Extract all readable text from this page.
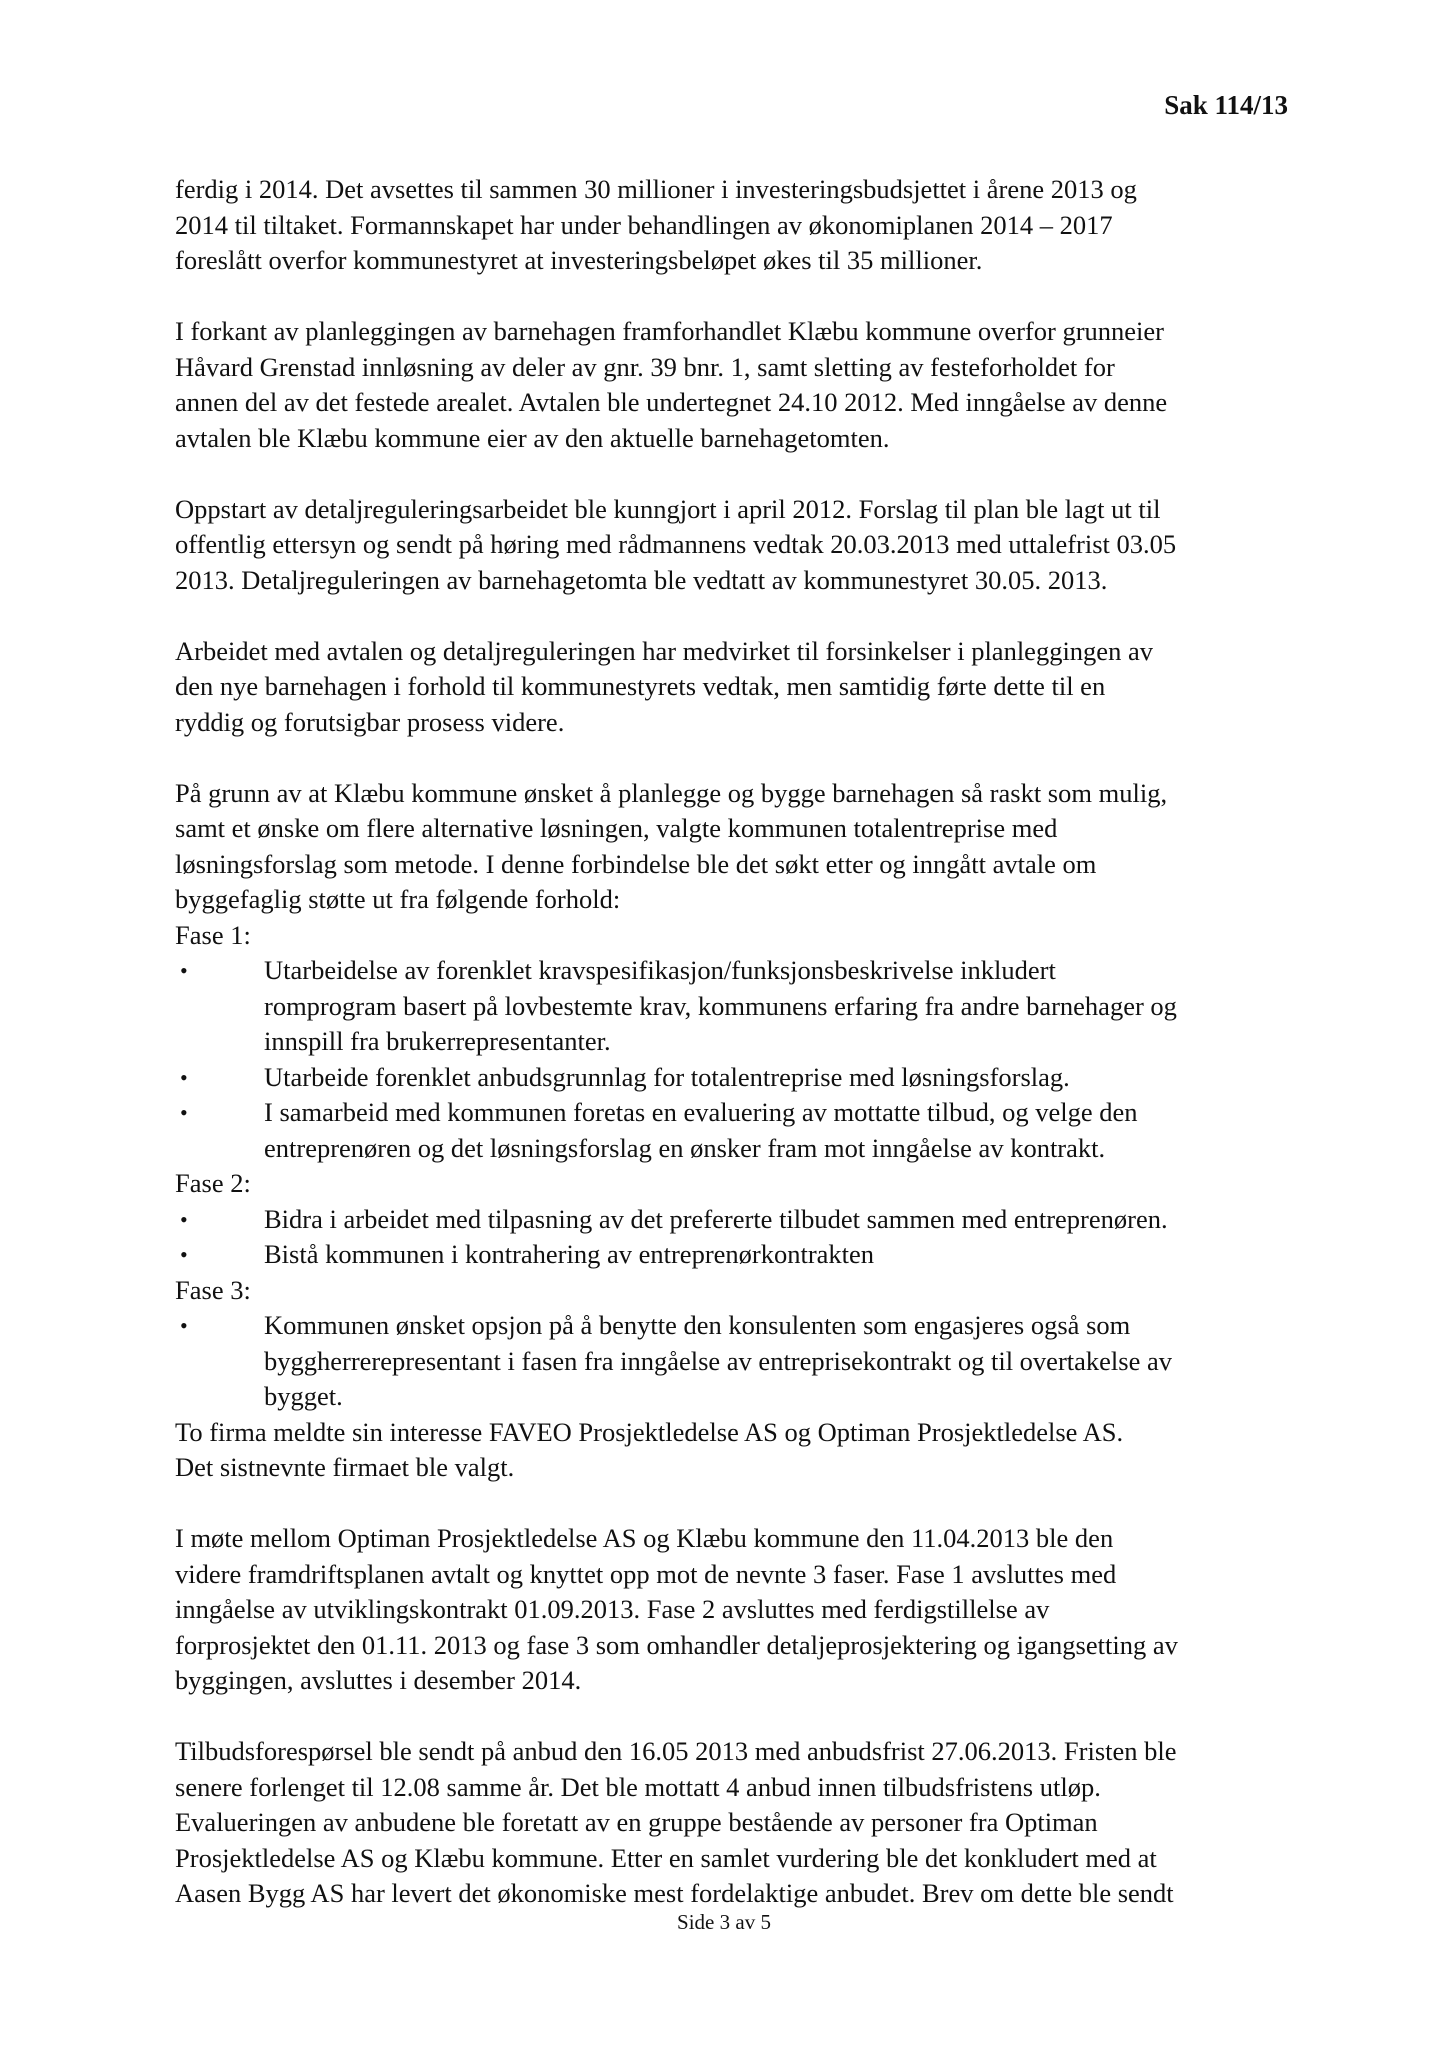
Sak 114/13

ferdig i 2014. Det avsettes til sammen 30 millioner i investeringsbudsjettet i årene 2013 og
2014 til tiltaket. Formannskapet har under behandlingen av økonomiplanen 2014 – 2017
foreslått overfor kommunestyret at investeringsbeløpet økes til 35 millioner.

I forkant av planleggingen av barnehagen framforhandlet Klæbu kommune overfor grunneier
Håvard Grenstad innløsning av deler av gnr. 39 bnr. 1, samt sletting av festeforholdet for
annen del av det festede arealet. Avtalen ble undertegnet 24.10 2012. Med inngåelse av denne
avtalen ble Klæbu kommune eier av den aktuelle barnehagetomten.

Oppstart av detaljreguleringsarbeidet ble kunngjort i april 2012. Forslag til plan ble lagt ut til
offentlig ettersyn og sendt på høring med rådmannens vedtak 20.03.2013 med uttalefrist 03.05
2013. Detaljreguleringen av barnehagetomta ble vedtatt av kommunestyret 30.05. 2013.

Arbeidet med avtalen og detaljreguleringen har medvirket til forsinkelser i planleggingen av
den nye barnehagen i forhold til kommunestyrets vedtak, men samtidig førte dette til en
ryddig og forutsigbar prosess videre.

På grunn av at Klæbu kommune ønsket å planlegge og bygge barnehagen så raskt som mulig,
samt et ønske om flere alternative løsningen, valgte kommunen totalentreprise med
løsningsforslag som metode. I denne forbindelse ble det søkt etter og inngått avtale om
byggefaglig støtte ut fra følgende forhold:
Fase 1:
•	Utarbeidelse av forenklet kravspesifikasjon/funksjonsbeskrivelse inkludert
romprogram basert på lovbestemte krav, kommunens erfaring fra andre barnehager og
innspill fra brukerrepresentanter.
•	Utarbeide forenklet anbudsgrunnlag for totalentreprise med løsningsforslag.
•	I samarbeid med kommunen foretas en evaluering av mottatte tilbud, og velge den
entreprenøren og det løsningsforslag en ønsker fram mot inngåelse av kontrakt.
Fase 2:
•	Bidra i arbeidet med tilpasning av det prefererte tilbudet sammen med entreprenøren.
•	Bistå kommunen i kontrahering av entreprenørkontrakten
Fase 3:
•	Kommunen ønsket opsjon på å benytte den konsulenten som engasjeres også som
byggherrerepresentant i fasen fra inngåelse av entreprisekontrakt og til overtakelse av
bygget.
To firma meldte sin interesse FAVEO Prosjektledelse AS og Optiman Prosjektledelse AS.
Det sistnevnte firmaet ble valgt.

I møte mellom Optiman Prosjektledelse AS og Klæbu kommune den 11.04.2013 ble den
videre framdriftsplanen avtalt og knyttet opp mot de nevnte 3 faser. Fase 1 avsluttes med
inngåelse av utviklingskontrakt 01.09.2013. Fase 2 avsluttes med ferdigstillelse av
forprosjektet den 01.11. 2013 og fase 3 som omhandler detaljeprosjektering og igangsetting av
byggingen, avsluttes i desember 2014.

Tilbudsforespørsel ble sendt på anbud den 16.05 2013 med anbudsfrist 27.06.2013. Fristen ble
senere forlenget til 12.08 samme år. Det ble mottatt 4 anbud innen tilbudsfristens utløp.
Evalueringen av anbudene ble foretatt av en gruppe bestående av personer fra Optiman
Prosjektledelse AS og Klæbu kommune. Etter en samlet vurdering ble det konkludert med at
Aasen Bygg AS har levert det økonomiske mest fordelaktige anbudet. Brev om dette ble sendt

Side 3 av 5
